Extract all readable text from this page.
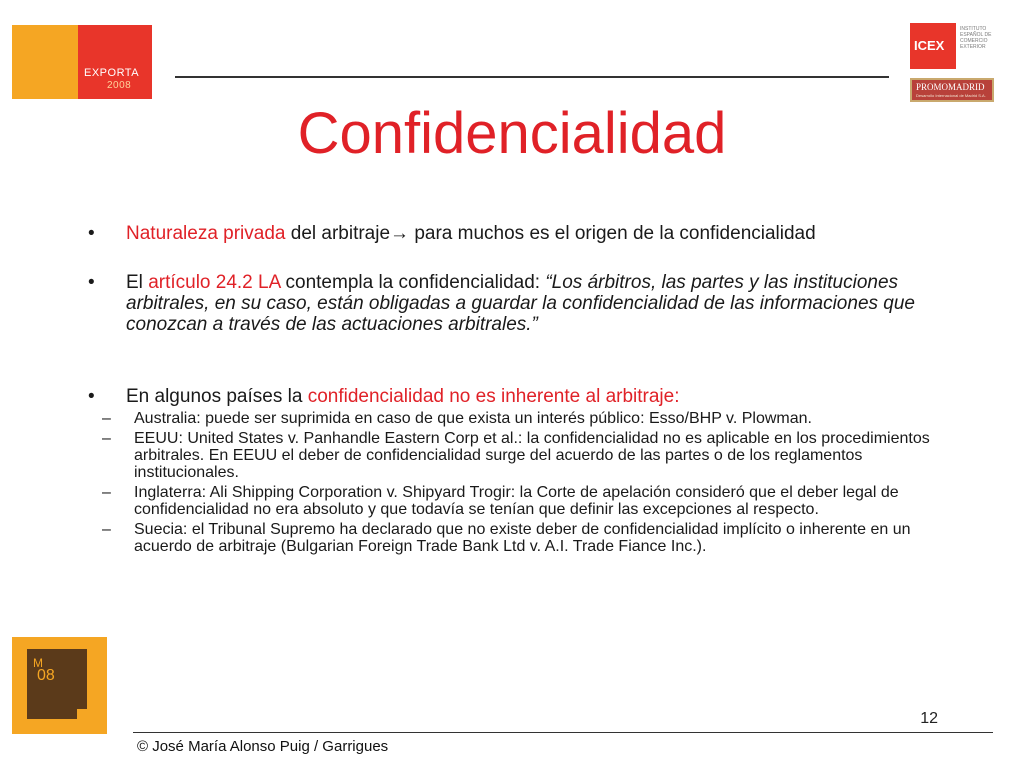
EXPORTA
2008
ICEX
INSTITUTO ESPAÑOL DE COMERCIO EXTERIOR
PROMOMADRID
Desarrollo Internacional de Madrid S.A.
Confidencialidad
• Naturaleza privada del arbitraje→ para muchos es el origen de la confidencialidad
• El artículo 24.2 LA contempla la confidencialidad: “Los árbitros, las partes y las instituciones arbitrales, en su caso, están obligadas a guardar la confidencialidad de las informaciones que conozcan a través de las actuaciones arbitrales.”
• En algunos países la confidencialidad no es inherente al arbitraje:
– Australia: puede ser suprimida en caso de que exista un interés público: Esso/BHP v. Plowman.
– EEUU: United States v. Panhandle Eastern Corp et al.: la confidencialidad no es aplicable en los procedimientos arbitrales. En EEUU el deber de confidencialidad surge del acuerdo de las partes o de los reglamentos institucionales.
– Inglaterra: Ali Shipping Corporation v. Shipyard Trogir: la Corte de apelación consideró que el deber legal de confidencialidad no era absoluto y que todavía se tenían que definir las excepciones al respecto.
– Suecia: el Tribunal Supremo ha declarado que no existe deber de confidencialidad implícito o inherente en un acuerdo de arbitraje (Bulgarian Foreign Trade Bank Ltd v. A.I. Trade Fiance Inc.).
M
08
12
© José María Alonso Puig / Garrigues
